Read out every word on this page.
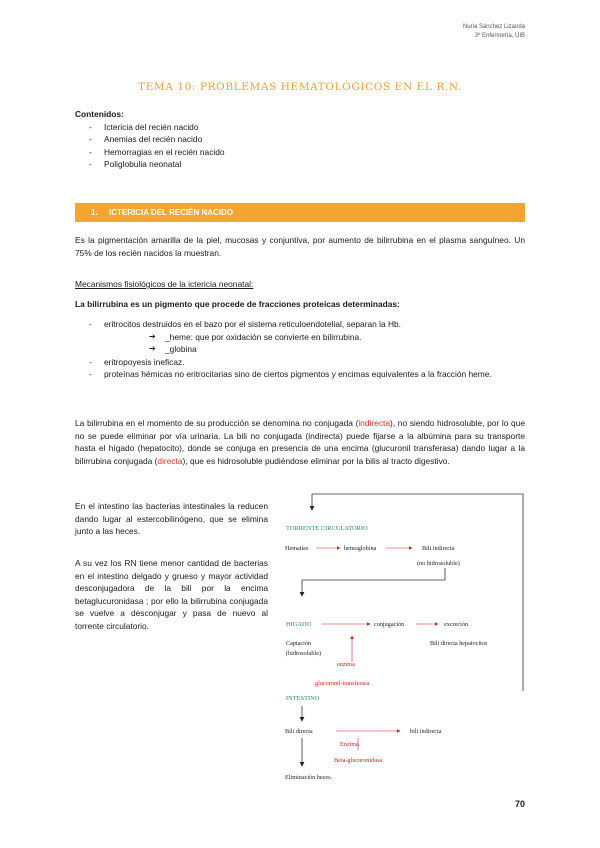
Nuria Sánchez Lizanda
3º Enfermería, UIB
TEMA 10: PROBLEMAS HEMATOLÓGICOS EN EL R.N.
Contenidos:
- Ictericia del recién nacido
- Anemias del recién nacido
- Hemorragias en el recién nacido
- Poliglobulia neonatal
1. ICTERICIA DEL RECIÉN NACIDO
Es la pigmentación amarilla de la piel, mucosas y conjuntiva, por aumento de bilirrubina en el plasma sanguíneo. Un 75% de los recién nacidos la muestran.
Mecanismos fisiológicos de la ictericia neonatal:
La bilirrubina es un pigmento que procede de fracciones proteicas determinadas:
- eritrocitos destruidos en el bazo por el sistema reticuloendotelial, separan la Hb.
➔ _heme: que por oxidación se convierte en bilirrubina.
➔ _globina
- eritropoyesis ineficaz.
- proteínas hémicas no eritrocitarias sino de ciertos pigmentos y encimas equivalentes a la fracción heme.
La bilirrubina en el momento de su producción se denomina no conjugada (indirecta), no siendo hidrosoluble, por lo que no se puede eliminar por vía urinaria. La bili no conjugada (indirecta) puede fijarse a la albúmina para su transporte hasta el hígado (hepatocito), donde se conjuga en presencia de una encima (glucuronil transferasa) dando lugar a la bilirrubina conjugada (directa), que es hidrosoluble pudiéndose eliminar por la bilis al tracto digestivo.
En el intestino las bacterias intestinales la reducen dando lugar al estercobilinógeno, que se elimina junto a las heces.
A su vez los RN tiene menor cantidad de bacterias en el intestino delgado y grueso y mayor actividad desconjugadora de la bili por la encima betaglucuronidasa ; por ello la bilirrubina conjugada se vuelve a desconjugar y pasa de nuevo al torrente circulatorio.
TORRENTE CIRCULATORIO
Hematíes	hemoglobina	Bili indirecta
(no hidrosoluble)
HIGADO	conjugación	excreción
Captación
(hidrosoluble)
Bili directa hepatocitos
enzima
glucoronil-transferasa
INTESTINO
Bili directa	bili indirecta
Enzima
Beta-glucuronidasa
Eliminación heces.
70
